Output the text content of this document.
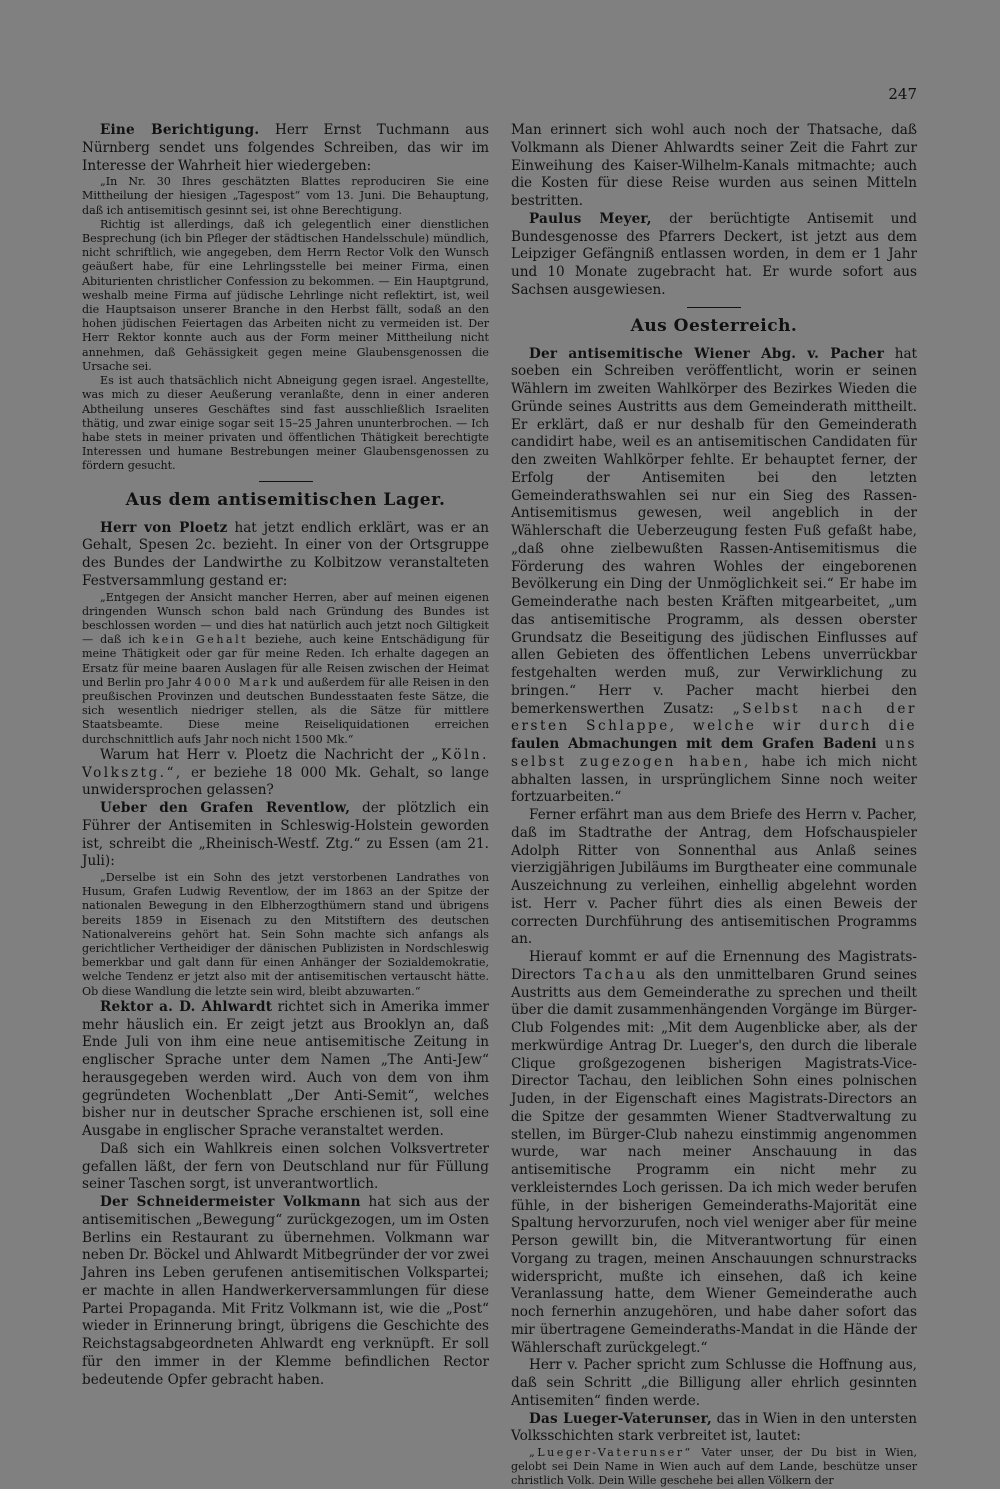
247

Eine Berichtigung. Herr Ernst Tuchmann aus Nürnberg sendet uns folgendes Schreiben, das wir im Interesse der Wahrheit hier wiedergeben:

„In Nr. 30 Ihres geschätzten Blattes reproduciren Sie eine Mittheilung der hiesigen „Tagespost“ vom 13. Juni. Die Behauptung, daß ich antisemitisch gesinnt sei, ist ohne Berechtigung.

Richtig ist allerdings, daß ich gelegentlich einer dienstlichen Besprechung (ich bin Pfleger der städtischen Handelsschule) mündlich, nicht schriftlich, wie angegeben, dem Herrn Rector Volk den Wunsch geäußert habe, für eine Lehrlingsstelle bei meiner Firma, einen Abiturienten christlicher Confession zu bekommen. — Ein Hauptgrund, weshalb meine Firma auf jüdische Lehrlinge nicht reflektirt, ist, weil die Hauptsaison unserer Branche in den Herbst fällt, sodaß an den hohen jüdischen Feiertagen das Arbeiten nicht zu vermeiden ist. Der Herr Rektor konnte auch aus der Form meiner Mittheilung nicht annehmen, daß Gehässigkeit gegen meine Glaubensgenossen die Ursache sei.

Es ist auch thatsächlich nicht Abneigung gegen israel. Angestellte, was mich zu dieser Aeußerung veranlaßte, denn in einer anderen Abtheilung unseres Geschäftes sind fast ausschließlich Israeliten thätig, und zwar einige sogar seit 15–25 Jahren ununterbrochen. — Ich habe stets in meiner privaten und öffentlichen Thätigkeit berechtigte Interessen und humane Bestrebungen meiner Glaubensgenossen zu fördern gesucht.

Aus dem antisemitischen Lager.

Herr von Ploetz hat jetzt endlich erklärt, was er an Gehalt, Spesen 2c. bezieht. In einer von der Ortsgruppe des Bundes der Landwirthe zu Kolbitzow veranstalteten Festversammlung gestand er:

„Entgegen der Ansicht mancher Herren, aber auf meinen eigenen dringenden Wunsch schon bald nach Gründung des Bundes ist beschlossen worden — und dies hat natürlich auch jetzt noch Giltigkeit — daß ich kein Gehalt beziehe, auch keine Entschädigung für meine Thätigkeit oder gar für meine Reden. Ich erhalte dagegen an Ersatz für meine baaren Auslagen für alle Reisen zwischen der Heimat und Berlin pro Jahr 4000 Mark und außerdem für alle Reisen in den preußischen Provinzen und deutschen Bundesstaaten feste Sätze, die sich wesentlich niedriger stellen, als die Sätze für mittlere Staatsbeamte. Diese meine Reiseliquidationen erreichen durchschnittlich aufs Jahr noch nicht 1500 Mk.“

Warum hat Herr v. Ploetz die Nachricht der „Köln. Volksztg.“, er beziehe 18 000 Mk. Gehalt, so lange unwidersprochen gelassen?

Ueber den Grafen Reventlow, der plötzlich ein Führer der Antisemiten in Schleswig-Holstein geworden ist, schreibt die „Rheinisch-Westf. Ztg.“ zu Essen (am 21. Juli):

„Derselbe ist ein Sohn des jetzt verstorbenen Landrathes von Husum, Grafen Ludwig Reventlow, der im 1863 an der Spitze der nationalen Bewegung in den Elbherzogthümern stand und übrigens bereits 1859 in Eisenach zu den Mitstiftern des deutschen Nationalvereins gehört hat. Sein Sohn machte sich anfangs als gerichtlicher Vertheidiger der dänischen Publizisten in Nordschleswig bemerkbar und galt dann für einen Anhänger der Sozialdemokratie, welche Tendenz er jetzt also mit der antisemitischen vertauscht hätte. Ob diese Wandlung die letzte sein wird, bleibt abzuwarten.“

Rektor a. D. Ahlwardt richtet sich in Amerika immer mehr häuslich ein. Er zeigt jetzt aus Brooklyn an, daß Ende Juli von ihm eine neue antisemitische Zeitung in englischer Sprache unter dem Namen „The Anti-Jew“ herausgegeben werden wird. Auch von dem von ihm gegründeten Wochenblatt „Der Anti-Semit“, welches bisher nur in deutscher Sprache erschienen ist, soll eine Ausgabe in englischer Sprache veranstaltet werden.

Daß sich ein Wahlkreis einen solchen Volksvertreter gefallen läßt, der fern von Deutschland nur für Füllung seiner Taschen sorgt, ist unverantwortlich.

Der Schneidermeister Volkmann hat sich aus der antisemitischen „Bewegung“ zurückgezogen, um im Osten Berlins ein Restaurant zu übernehmen. Volkmann war neben Dr. Böckel und Ahlwardt Mitbegründer der vor zwei Jahren ins Leben gerufenen antisemitischen Volkspartei; er machte in allen Handwerkerversammlungen für diese Partei Propaganda. Mit Fritz Volkmann ist, wie die „Post“ wieder in Erinnerung bringt, übrigens die Geschichte des Reichstagsabgeordneten Ahlwardt eng verknüpft. Er soll für den immer in der Klemme befindlichen Rector bedeutende Opfer gebracht haben.

Man erinnert sich wohl auch noch der Thatsache, daß Volkmann als Diener Ahlwardts seiner Zeit die Fahrt zur Einweihung des Kaiser-Wilhelm-Kanals mitmachte; auch die Kosten für diese Reise wurden aus seinen Mitteln bestritten.

Paulus Meyer, der berüchtigte Antisemit und Bundesgenosse des Pfarrers Deckert, ist jetzt aus dem Leipziger Gefängniß entlassen worden, in dem er 1 Jahr und 10 Monate zugebracht hat. Er wurde sofort aus Sachsen ausgewiesen.

Aus Oesterreich.

Der antisemitische Wiener Abg. v. Pacher hat soeben ein Schreiben veröffentlicht, worin er seinen Wählern im zweiten Wahlkörper des Bezirkes Wieden die Gründe seines Austritts aus dem Gemeinderath mittheilt. Er erklärt, daß er nur deshalb für den Gemeinderath candidirt habe, weil es an antisemitischen Candidaten für den zweiten Wahlkörper fehlte. Er behauptet ferner, der Erfolg der Antisemiten bei den letzten Gemeinderathswahlen sei nur ein Sieg des Rassen-Antisemitismus gewesen, weil angeblich in der Wählerschaft die Ueberzeugung festen Fuß gefaßt habe, „daß ohne zielbewußten Rassen-Antisemitismus die Förderung des wahren Wohles der eingeborenen Bevölkerung ein Ding der Unmöglichkeit sei.“ Er habe im Gemeinderathe nach besten Kräften mitgearbeitet, „um das antisemitische Programm, als dessen oberster Grundsatz die Beseitigung des jüdischen Einflusses auf allen Gebieten des öffentlichen Lebens unverrückbar festgehalten werden muß, zur Verwirklichung zu bringen.“ Herr v. Pacher macht hierbei den bemerkenswerthen Zusatz: „Selbst nach der ersten Schlappe, welche wir durch die faulen Abmachungen mit dem Grafen Badeni uns selbst zugezogen haben, habe ich mich nicht abhalten lassen, in ursprünglichem Sinne noch weiter fortzuarbeiten.“

Ferner erfährt man aus dem Briefe des Herrn v. Pacher, daß im Stadtrathe der Antrag, dem Hofschauspieler Adolph Ritter von Sonnenthal aus Anlaß seines vierzigjährigen Jubiläums im Burgtheater eine communale Auszeichnung zu verleihen, einhellig abgelehnt worden ist. Herr v. Pacher führt dies als einen Beweis der correcten Durchführung des antisemitischen Programms an.

Hierauf kommt er auf die Ernennung des Magistrats-Directors Tachau als den unmittelbaren Grund seines Austritts aus dem Gemeinderathe zu sprechen und theilt über die damit zusammenhängenden Vorgänge im Bürger-Club Folgendes mit: „Mit dem Augenblicke aber, als der merkwürdige Antrag Dr. Lueger's, den durch die liberale Clique großgezogenen bisherigen Magistrats-Vice-Director Tachau, den leiblichen Sohn eines polnischen Juden, in der Eigenschaft eines Magistrats-Directors an die Spitze der gesammten Wiener Stadtverwaltung zu stellen, im Bürger-Club nahezu einstimmig angenommen wurde, war nach meiner Anschauung in das antisemitische Programm ein nicht mehr zu verkleisterndes Loch gerissen. Da ich mich weder berufen fühle, in der bisherigen Gemeinderaths-Majorität eine Spaltung hervorzurufen, noch viel weniger aber für meine Person gewillt bin, die Mitverantwortung für einen Vorgang zu tragen, meinen Anschauungen schnurstracks widerspricht, mußte ich einsehen, daß ich keine Veranlassung hatte, dem Wiener Gemeinderathe auch noch fernerhin anzugehören, und habe daher sofort das mir übertragene Gemeinderaths-Mandat in die Hände der Wählerschaft zurückgelegt.“

Herr v. Pacher spricht zum Schlusse die Hoffnung aus, daß sein Schritt „die Billigung aller ehrlich gesinnten Antisemiten“ finden werde.

Das Lueger-Vaterunser, das in Wien in den untersten Volksschichten stark verbreitet ist, lautet:

„Lueger-Vaterunser“ Vater unser, der Du bist in Wien, gelobt sei Dein Name in Wien auch auf dem Lande, beschütze unser christlich Volk. Dein Wille geschehe bei allen Völkern der
